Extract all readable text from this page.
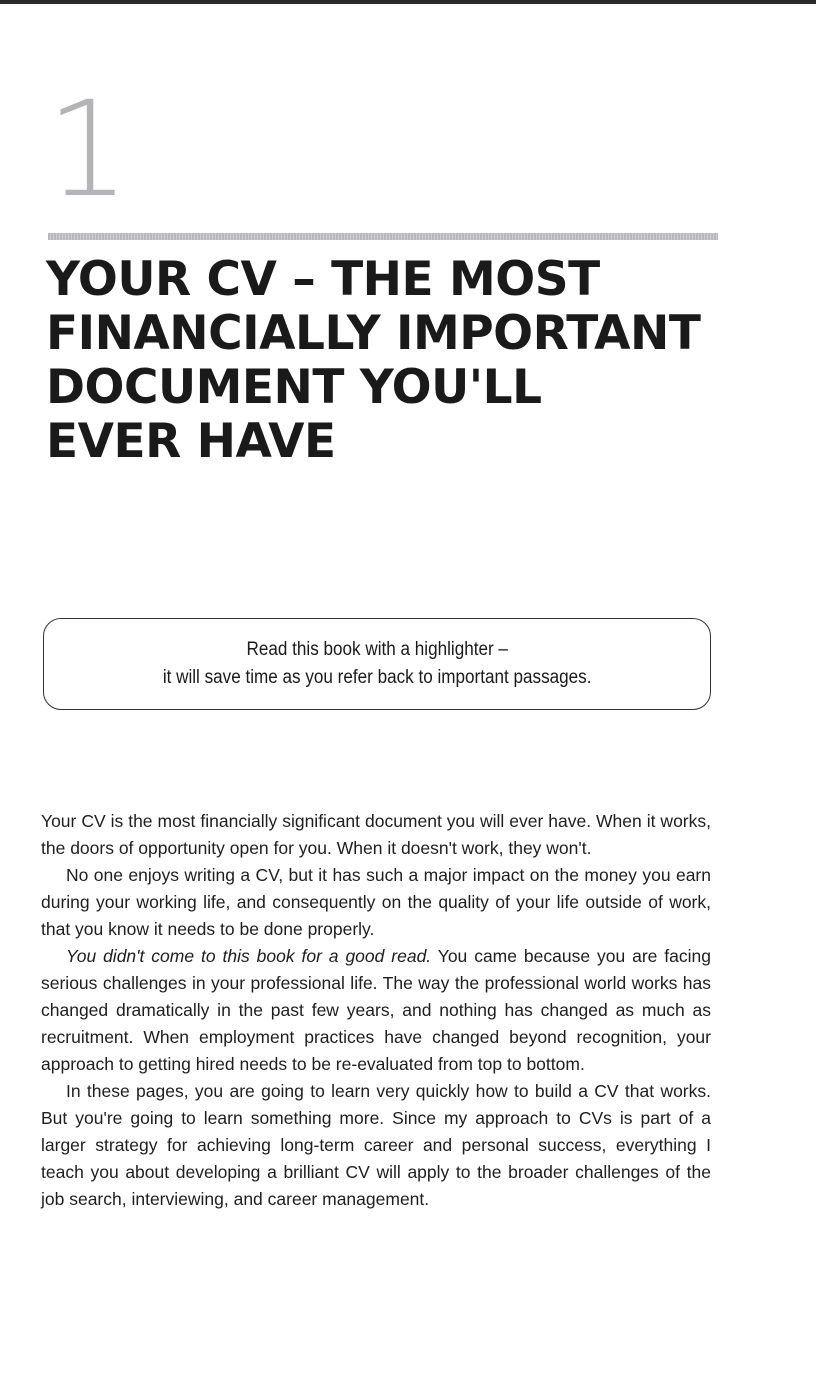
1
YOUR CV – THE MOST
FINANCIALLY IMPORTANT
DOCUMENT YOU'LL
EVER HAVE
Read this book with a highlighter –
it will save time as you refer back to important passages.

Your CV is the most financially significant document you will ever have. When it works, the doors of opportunity open for you. When it doesn't work, they won't.

No one enjoys writing a CV, but it has such a major impact on the money you earn during your working life, and consequently on the quality of your life outside of work, that you know it needs to be done properly.

You didn't come to this book for a good read. You came because you are facing serious challenges in your professional life. The way the professional world works has changed dramatically in the past few years, and nothing has changed as much as recruitment. When employment practices have changed beyond recognition, your approach to getting hired needs to be re-evaluated from top to bottom.

In these pages, you are going to learn very quickly how to build a CV that works. But you're going to learn something more. Since my approach to CVs is part of a larger strategy for achieving long-term career and personal success, everything I teach you about developing a brilliant CV will apply to the broader challenges of the job search, interviewing, and career management.
